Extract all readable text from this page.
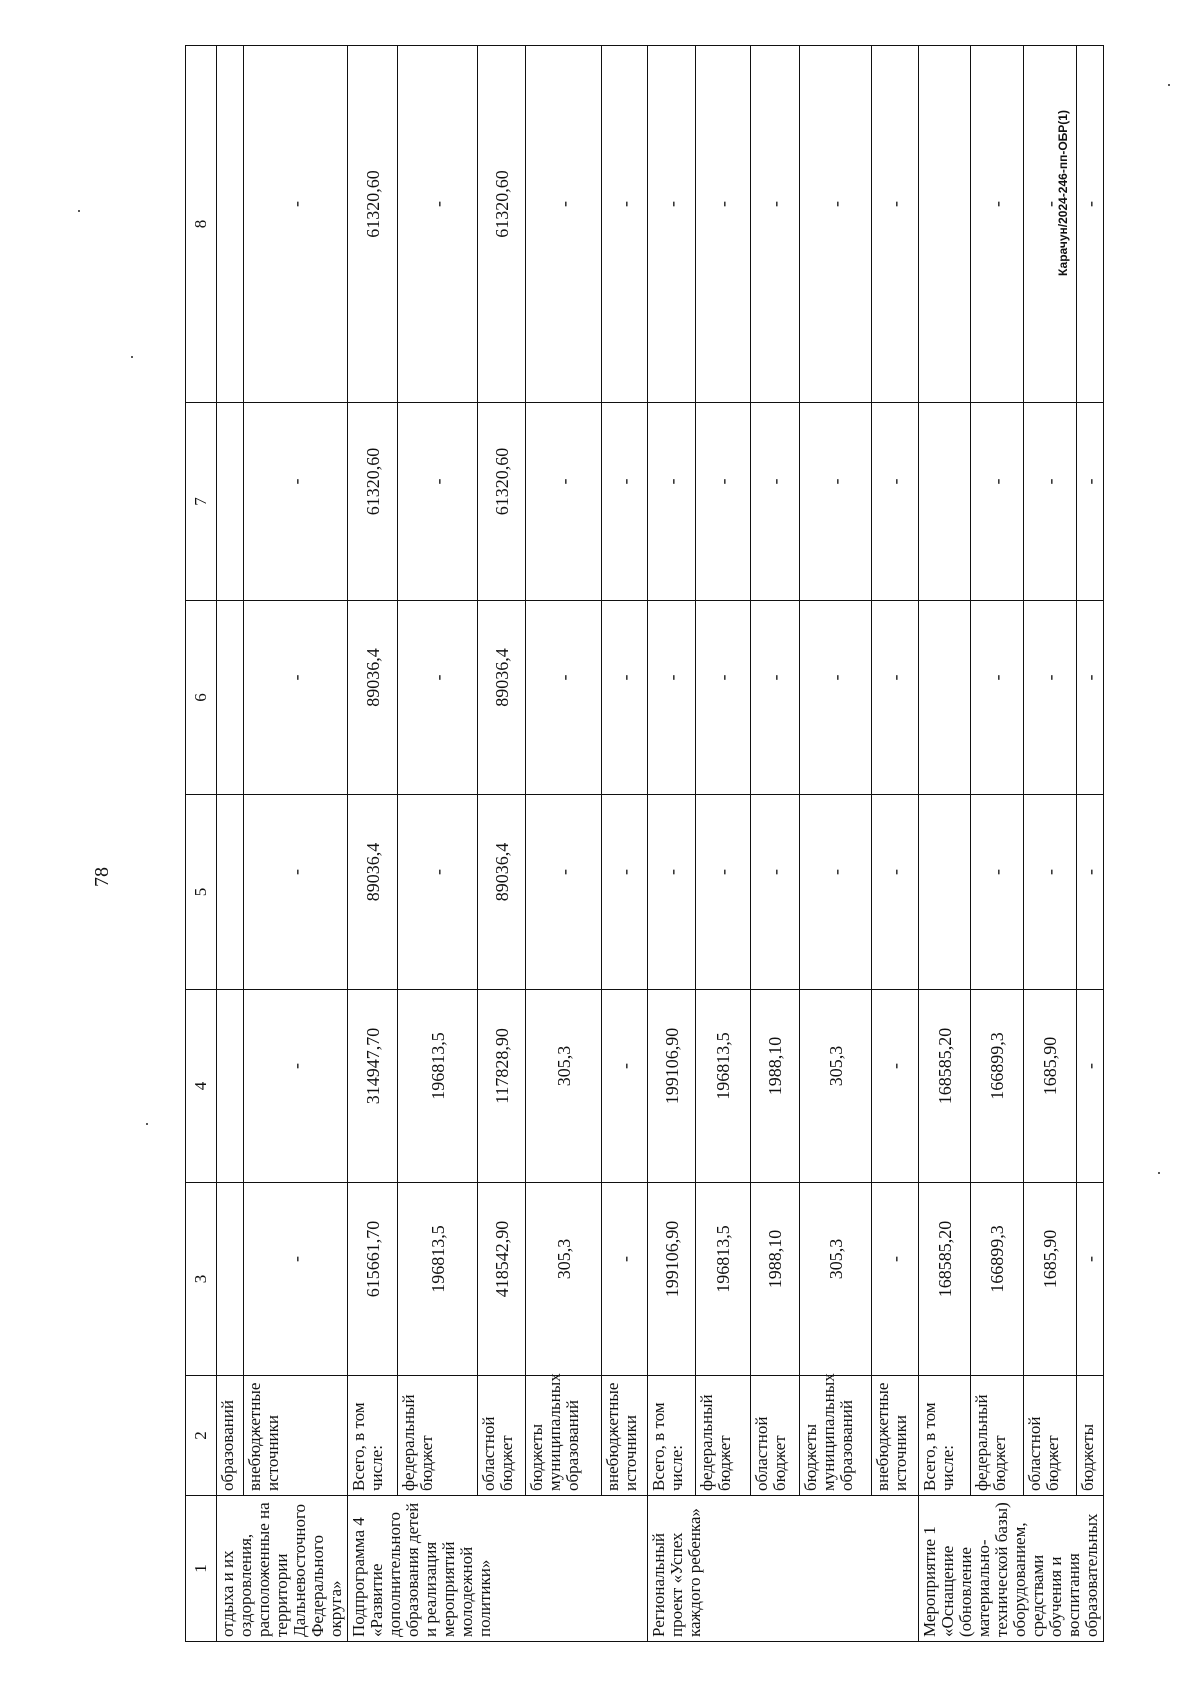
78
Карачун/2024-246-пп-ОБР(1)
1	2	3	4	5	6	7	8
отдыха и их оздоровления, расположенные на территории Дальневосточного Федерального округа»	образований						
	внебюджетные источники	-	-	-	-	-	-
Подпрограмма 4 «Развитие дополнительного образования детей и реализация мероприятий молодежной политики»	Всего, в том числе:	615661,70	314947,70	89036,4	89036,4	61320,60	61320,60
	федеральный бюджет	196813,5	196813,5	-	-	-	-
	областной бюджет	418542,90	117828,90	89036,4	89036,4	61320,60	61320,60
	бюджеты муниципальных образований	305,3	305,3	-	-	-	-
	внебюджетные источники	-	-	-	-	-	-
Региональный проект «Успех каждого ребенка»	Всего, в том числе:	199106,90	199106,90	-	-	-	-
	федеральный бюджет	196813,5	196813,5	-	-	-	-
	областной бюджет	1988,10	1988,10	-	-	-	-
	бюджеты муниципальных образований	305,3	305,3	-	-	-	-
	внебюджетные источники	-	-	-	-	-	-
Мероприятие 1 «Оснащение (обновление материально-технической базы) оборудованием, средствами обучения и воспитания образовательных	Всего, в том числе:	168585,20	168585,20				
	федеральный бюджет	166899,3	166899,3	-	-	-	-
	областной бюджет	1685,90	1685,90	-	-	-	-
	бюджеты	-	-	-	-	-	-
